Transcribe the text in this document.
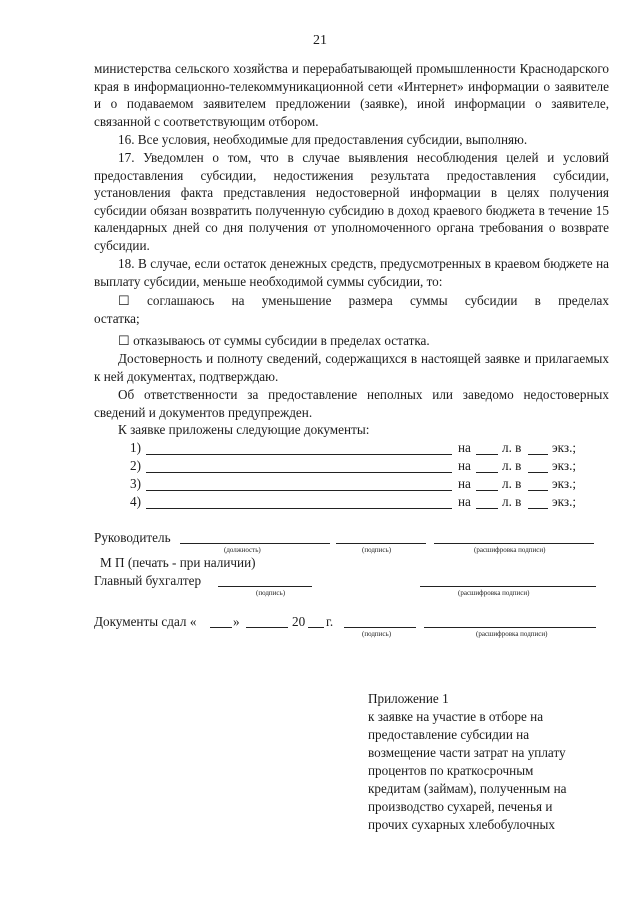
21

министерства сельского хозяйства и перерабатывающей промышленности Краснодарского края в информационно-телекоммуникационной сети «Интернет» информации о заявителе и о подаваемом заявителем предложении (заявке), иной информации о заявителе, связанной с соответствующим отбором.

16. Все условия, необходимые для предоставления субсидии, выполняю.

17. Уведомлен о том, что в случае выявления несоблюдения целей и условий предоставления субсидии, недостижения результата предоставления субсидии, установления факта представления недостоверной информации в целях получения субсидии обязан возвратить полученную субсидию в доход краевого бюджета в течение 15 календарных дней со дня получения от уполномоченного органа требования о возврате субсидии.

18. В случае, если остаток денежных средств, предусмотренных в краевом бюджете на выплату субсидии, меньше необходимой суммы субсидии, то:

☐ соглашаюсь на уменьшение размера суммы субсидии в пределах

остатка;

☐ отказываюсь от суммы субсидии в пределах остатка.

Достоверность и полноту сведений, содержащихся в настоящей заявке и прилагаемых к ней документах, подтверждаю.

Об ответственности за предоставление неполных или заведомо недостоверных сведений и документов предупрежден.

К заявке приложены следующие документы:

1)	на л. в экз.;
2)	на л. в экз.;
3)	на л. в экз.;
4)	на л. в экз.;
Руководитель
(должность)	(подпись)	(расшифровка подписи)
М П (печать - при наличии)
Главный бухгалтер
(подпись)	(расшифровка подписи)
Документы сдал «	»	20 г.
(подпись)	(расшифровка подписи)

Приложение 1

к заявке на участие в отборе на

предоставление субсидии на

возмещение части затрат на уплату

процентов по краткосрочным

кредитам (займам), полученным на

производство сухарей, печенья и

прочих сухарных хлебобулочных
